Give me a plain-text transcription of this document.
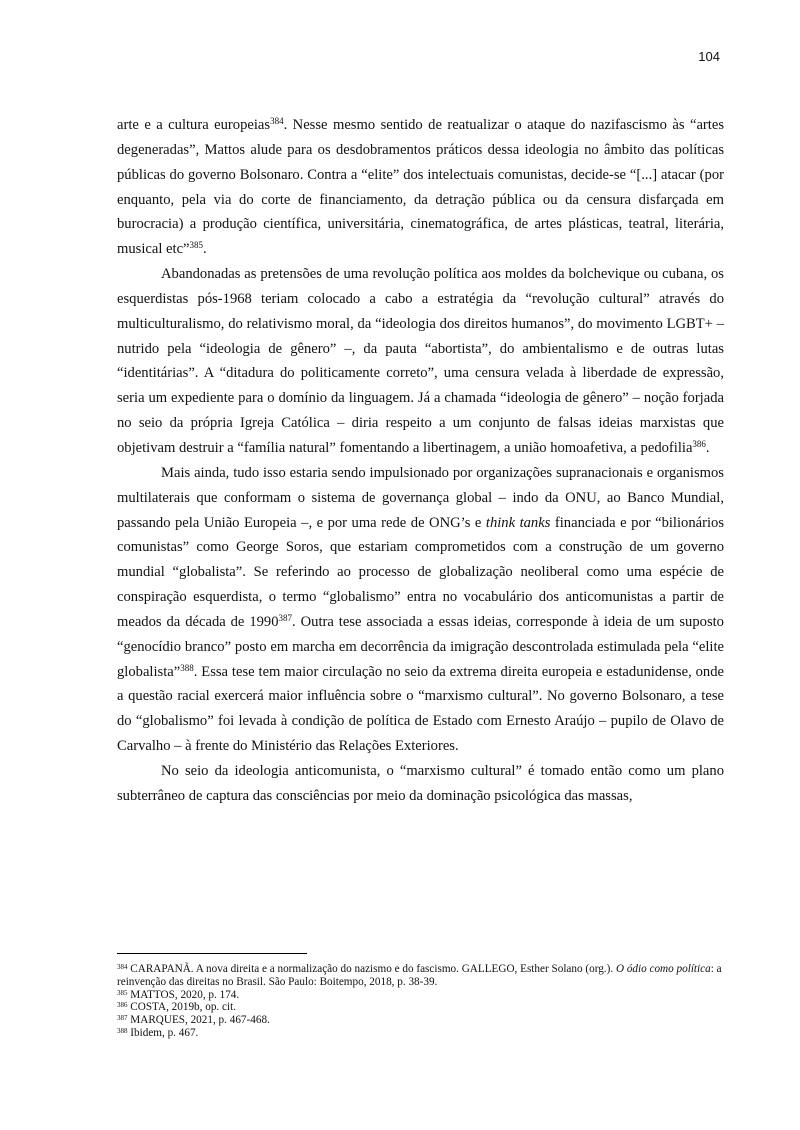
104

arte e a cultura europeias$^{384}$. Nesse mesmo sentido de reatualizar o ataque do nazifascismo às “artes degeneradas”, Mattos alude para os desdobramentos práticos dessa ideologia no âmbito das políticas públicas do governo Bolsonaro. Contra a “elite” dos intelectuais comunistas, decide-se “[...] atacar (por enquanto, pela via do corte de financiamento, da detração pública ou da censura disfarçada em burocracia) a produção científica, universitária, cinematográfica, de artes plásticas, teatral, literária, musical etc”$^{385}$.

Abandonadas as pretensões de uma revolução política aos moldes da bolchevique ou cubana, os esquerdistas pós-1968 teriam colocado a cabo a estratégia da “revolução cultural” através do multiculturalismo, do relativismo moral, da “ideologia dos direitos humanos”, do movimento LGBT+ – nutrido pela “ideologia de gênero” –, da pauta “abortista”, do ambientalismo e de outras lutas “identitárias”. A “ditadura do politicamente correto”, uma censura velada à liberdade de expressão, seria um expediente para o domínio da linguagem. Já a chamada “ideologia de gênero” – noção forjada no seio da própria Igreja Católica – diria respeito a um conjunto de falsas ideias marxistas que objetivam destruir a “família natural” fomentando a libertinagem, a união homoafetiva, a pedofilia$^{386}$.

Mais ainda, tudo isso estaria sendo impulsionado por organizações supranacionais e organismos multilaterais que conformam o sistema de governança global – indo da ONU, ao Banco Mundial, passando pela União Europeia –, e por uma rede de ONG’s e think tanks financiada e por “bilionários comunistas” como George Soros, que estariam comprometidos com a construção de um governo mundial “globalista”. Se referindo ao processo de globalização neoliberal como uma espécie de conspiração esquerdista, o termo “globalismo” entra no vocabulário dos anticomunistas a partir de meados da década de 1990$^{387}$. Outra tese associada a essas ideias, corresponde à ideia de um suposto “genocídio branco” posto em marcha em decorrência da imigração descontrolada estimulada pela “elite globalista”$^{388}$. Essa tese tem maior circulação no seio da extrema direita europeia e estadunidense, onde a questão racial exercerá maior influência sobre o “marxismo cultural”. No governo Bolsonaro, a tese do “globalismo” foi levada à condição de política de Estado com Ernesto Araújo – pupilo de Olavo de Carvalho – à frente do Ministério das Relações Exteriores.

No seio da ideologia anticomunista, o “marxismo cultural” é tomado então como um plano subterrâneo de captura das consciências por meio da dominação psicológica das massas,

$^{384}$ CARAPANÃ. A nova direita e a normalização do nazismo e do fascismo. GALLEGO, Esther Solano (org.). O ódio como política: a reinvenção das direitas no Brasil. São Paulo: Boitempo, 2018, p. 38-39.

$^{385}$ MATTOS, 2020, p. 174.

$^{386}$ COSTA, 2019b, op. cit.

$^{387}$ MARQUES, 2021, p. 467-468.

$^{388}$ Ibidem, p. 467.
